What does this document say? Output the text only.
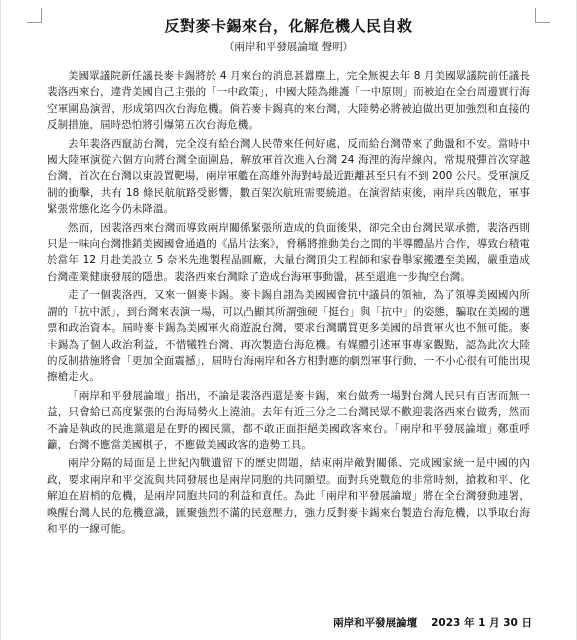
反對麥卡錫來台，化解危機人民自救
（兩岸和平發展論壇 聲明）

美國眾議院新任議長麥卡錫將於 4 月來台的消息甚囂塵上，完全無視去年 8 月美國眾議院前任議長裴洛西來台，違背美國自己主張的「一中政策」，中國大陸為維護「一中原則」而被迫在全台周邊實行海空軍圍島演習，形成第四次台海危機。倘若麥卡錫真的來台灣，大陸勢必將被迫做出更加強烈和直接的反制措施，屆時恐怕將引爆第五次台海危機。

去年裴洛西竄訪台灣，完全沒有給台灣人民帶來任何好處，反而給台灣帶來了動盪和不安。當時中國大陸軍演從六個方向將台灣全面圍島，解放軍首次進入台灣 24 海浬的海岸線內，常規飛彈首次穿越台灣，首次在台灣以東設置靶場，兩岸軍艦在高雄外海對峙最近距離甚至只有不到 200 公尺。受軍演反制的衝擊，共有 18 條民航航路受影響，數百架次航班需要繞道。在演習結束後，兩岸兵凶戰危，軍事緊張常態化迄今仍未降溫。

然而，因裴洛西來台灣而導致兩岸關係緊張所造成的負面後果，卻完全由台灣民眾承擔，裴洛西則只是一味向台灣推銷美國國會通過的《晶片法案》，脅稱將推動美台之間的半導體晶片合作，導致台積電於當年 12 月赴美設立 5 奈米先進製程晶圓廠，大量台灣頂尖工程師和家眷舉家搬遷至美國，嚴重造成台灣產業健康發展的隱患。裴洛西來台灣除了造成台海軍事動盪，甚至還進一步掏空台灣。

走了一個裴洛西，又來一個麥卡錫。麥卡錫自詡為美國國會抗中議員的領袖，為了領導美國國內所謂的「抗中派」，到台灣來表演一場，可以凸顯其所謂強硬「挺台」與「抗中」的姿態，騙取在美國的選票和政治資本。屆時麥卡錫為美國軍火商遊說台灣，要求台灣購買更多美國的昂貴軍火也不無可能。麥卡錫為了個人政治利益，不惜犧牲台灣、再次製造台海危機。有媒體引述軍事專家觀點，認為此次大陸的反制措施將會「更加全面震撼」，屆時台海兩岸和各方相對應的劇烈軍事行動，一不小心很有可能出現擦槍走火。

「兩岸和平發展論壇」指出，不論是裴洛西還是麥卡錫，來台做秀一場對台灣人民只有百害而無一益，只會給已高度緊張的台海局勢火上澆油。去年有近三分之二台灣民眾不歡迎裴洛西來台做秀，然而不論是執政的民進黨還是在野的國民黨，都不敢正面拒絕美國政客來台。「兩岸和平發展論壇」鄭重呼籲，台灣不應當美國棋子，不應做美國政客的造勢工具。

兩岸分隔的局面是上世紀內戰遺留下的歷史問題，結束兩岸敵對關係、完成國家統一是中國的內政，要求兩岸和平交流與共同發展也是兩岸同胞的共同願望。面對兵兇戰危的非常時刻，搶救和平、化解迫在眉梢的危機，是兩岸同胞共同的利益和責任。為此「兩岸和平發展論壇」將在全台灣發動連署，喚醒台灣人民的危機意識，匯聚強烈不滿的民意壓力，強力反對麥卡錫來台製造台海危機，以爭取台海和平的一線可能。

兩岸和平發展論壇 2023 年 1 月 30 日
